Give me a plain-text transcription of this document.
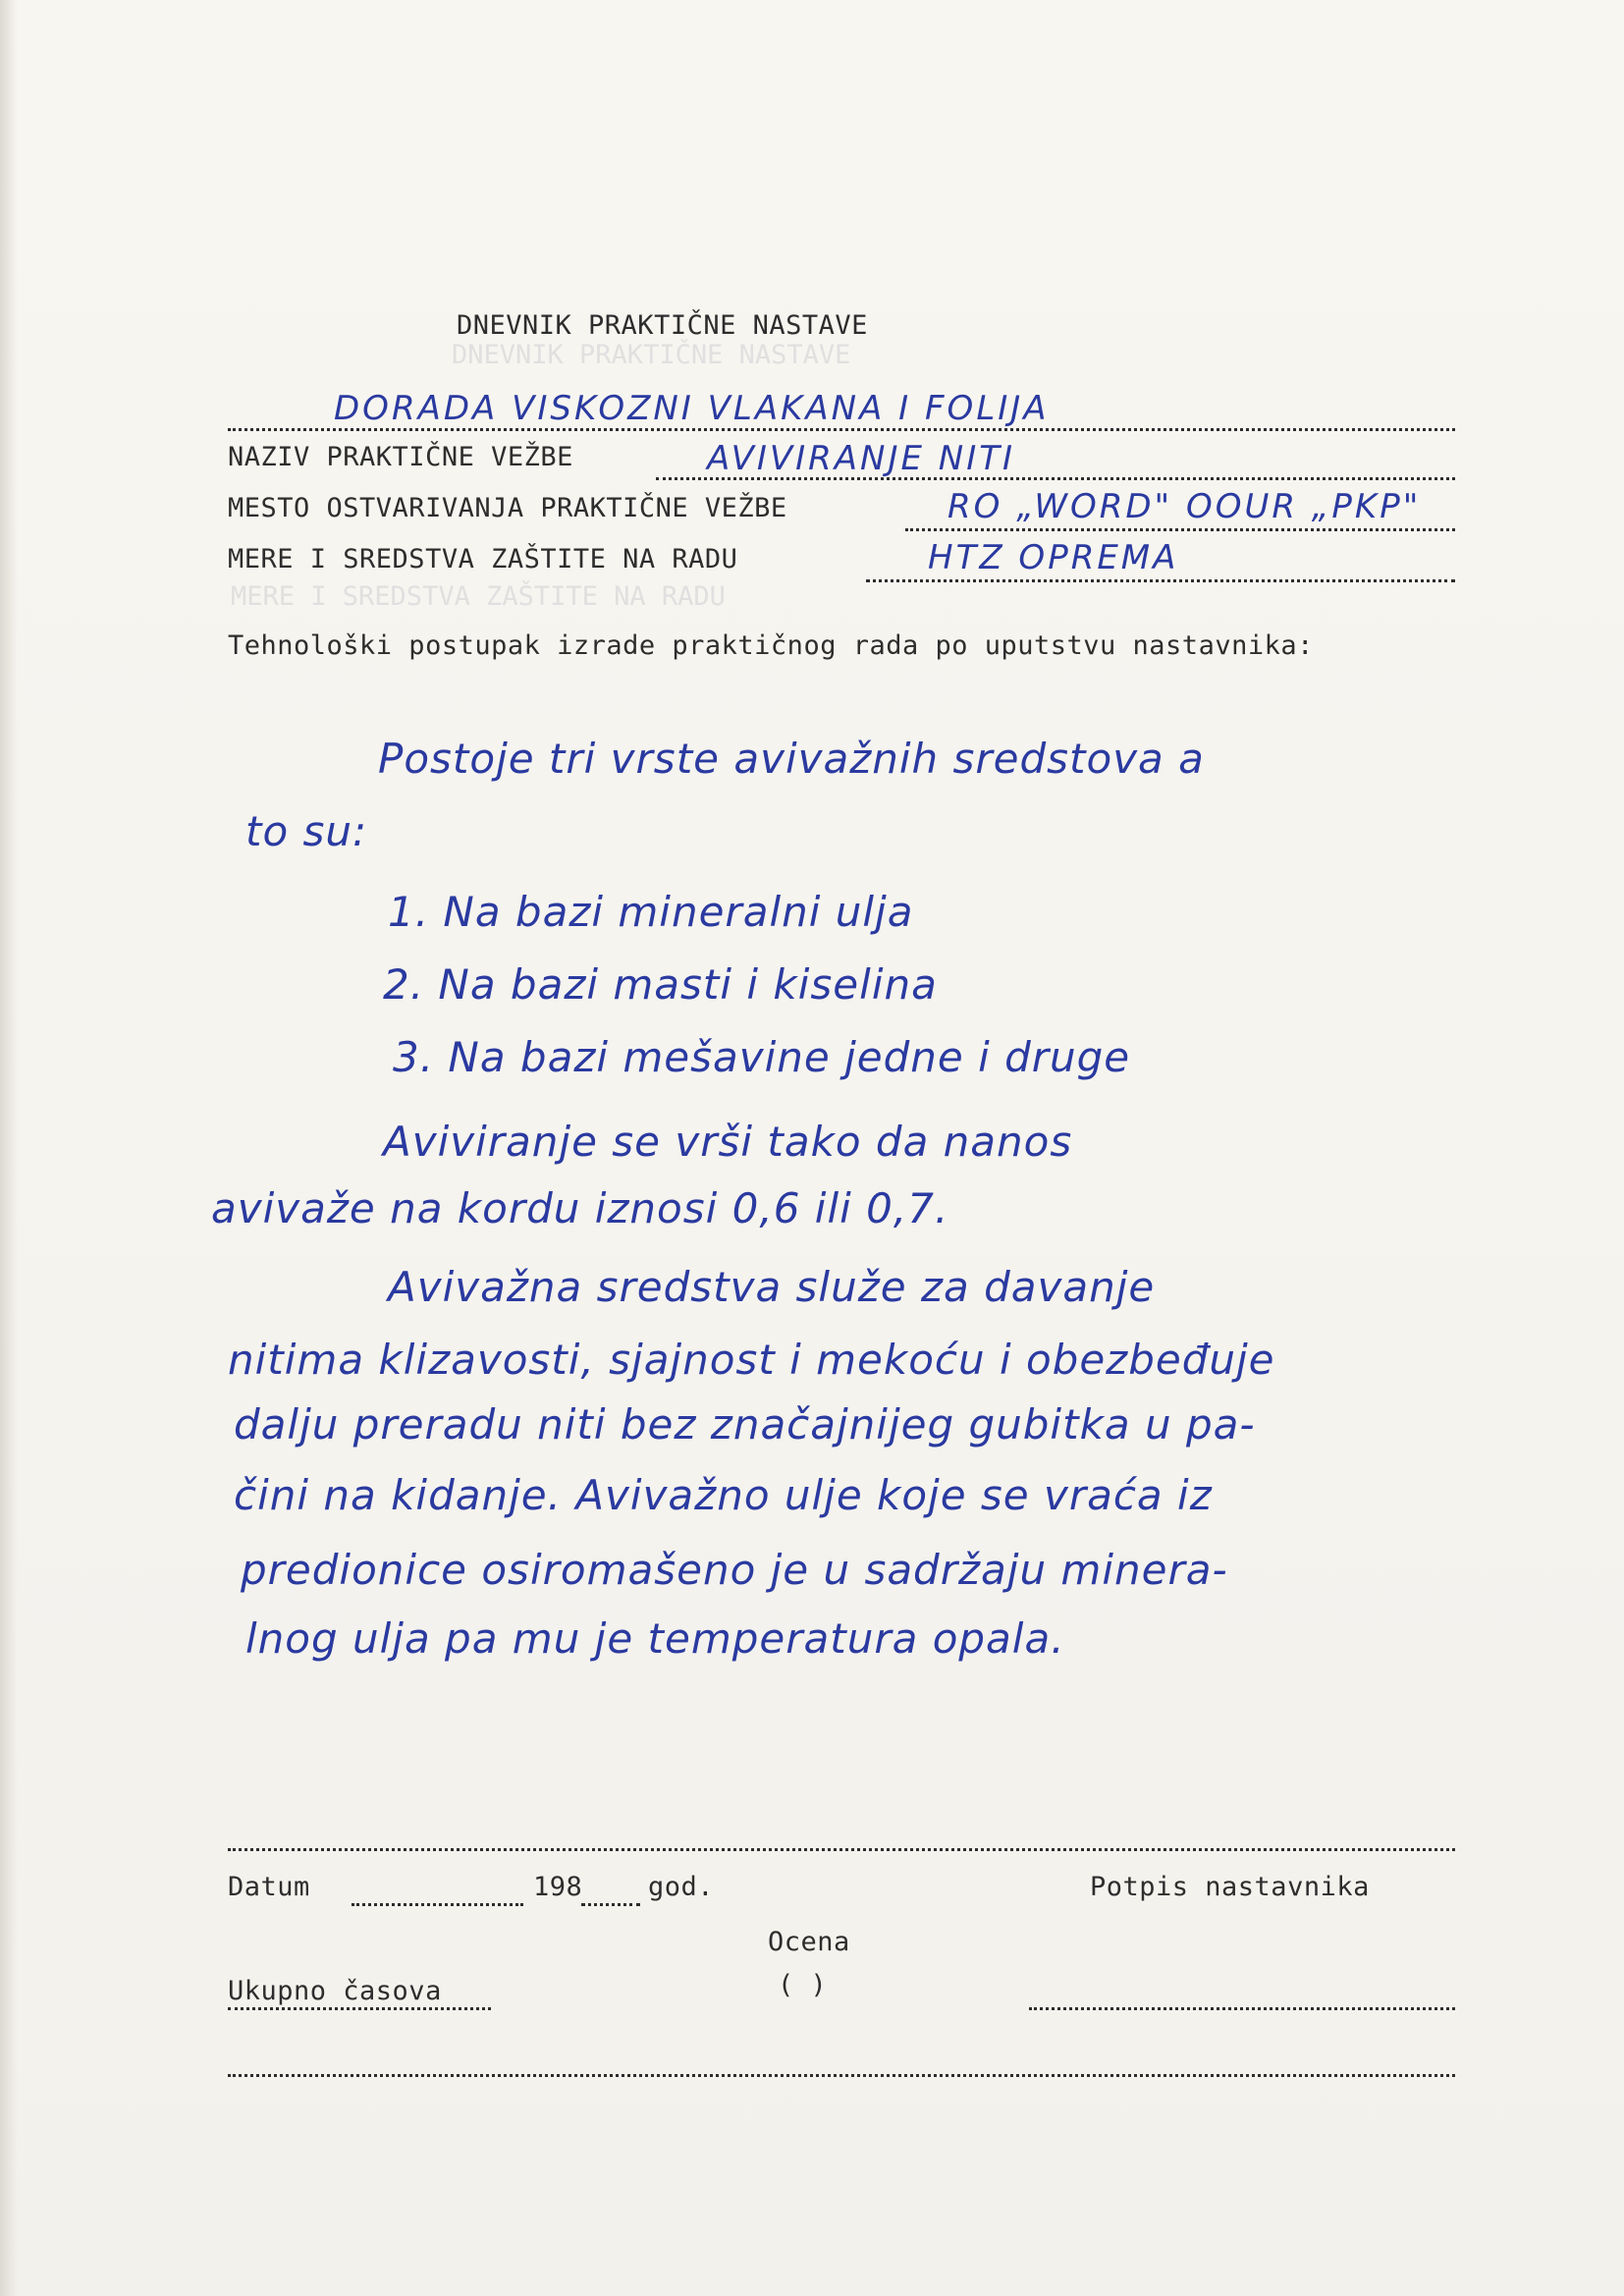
DNEVNIK PRAKTIČNE NASTAVE
MERE I SREDSTVA ZAŠTITE NA RADU
DNEVNIK PRAKTIČNE NASTAVE
DORADA VISKOZNI VLAKANA I FOLIJA
NAZIV PRAKTIČNE VEŽBE	AVIVIRANJE NITI
MESTO OSTVARIVANJA PRAKTIČNE VEŽBE	RO „WORD" OOUR „PKP"
MERE I SREDSTVA ZAŠTITE NA RADU	HTZ OPREMA
Tehnološki postupak izrade praktičnog rada po uputstvu nastavnika:
Postoje tri vrste avivažnih sredstova a
to su:
1. Na bazi mineralni ulja
2. Na bazi masti i kiselina
3. Na bazi mešavine jedne i druge
Aviviranje se vrši tako da nanos
avivaže na kordu iznosi 0,6 ili 0,7.
Avivažna sredstva služe za davanje
nitima klizavosti, sjajnost i mekoću i obezbeđuje
dalju preradu niti bez značajnijeg gubitka u pa-
čini na kidanje. Avivažno ulje koje se vraća iz
predionice osiromašeno je u sadržaju minera-
lnog ulja pa mu je temperatura opala.
Datum	198 god.	Potpis nastavnika
Ocena
( )
Ukupno časova
